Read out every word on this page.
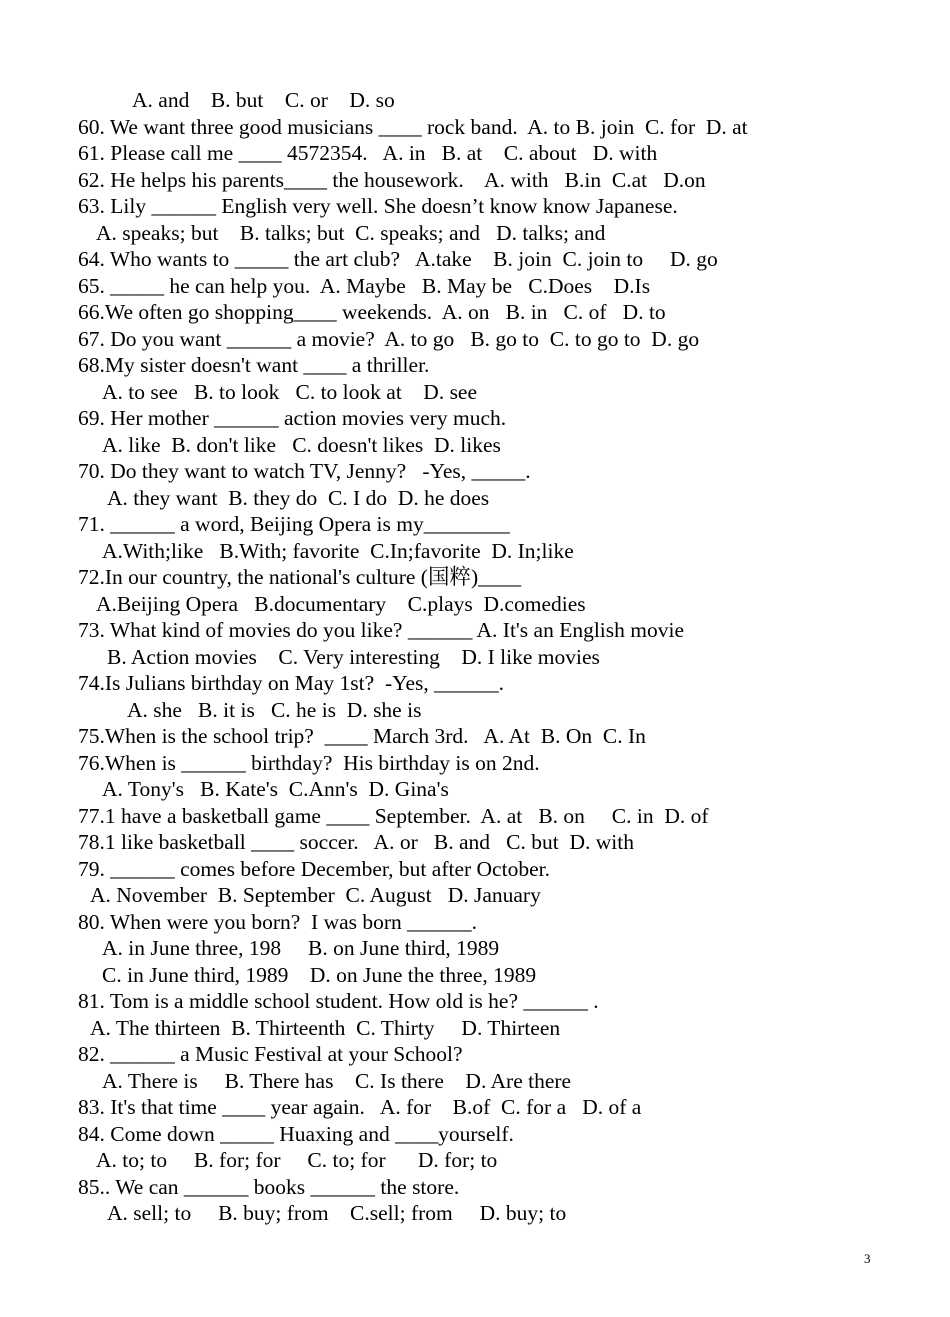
A. and    B. but    C. or    D. so
60. We want three good musicians ____ rock band.  A. to B. join  C. for  D. at
61. Please call me ____ 4572354.   A. in   B. at    C. about   D. with
62. He helps his parents____ the housework.    A. with   B.in  C.at   D.on
63. Lily ______ English very well. She doesn’t know know Japanese.
A. speaks; but    B. talks; but  C. speaks; and   D. talks; and
64. Who wants to _____ the art club?   A.take    B. join  C. join to     D. go
65. _____ he can help you.  A. Maybe   B. May be   C.Does    D.Is
66.We often go shopping____ weekends.  A. on   B. in   C. of   D. to
67. Do you want ______ a movie?  A. to go   B. go to  C. to go to  D. go
68.My sister doesn't want ____ a thriller.
A. to see   B. to look   C. to look at    D. see
69. Her mother ______ action movies very much.
A. like  B. don't like   C. doesn't likes  D. likes
70. Do they want to watch TV, Jenny?   -Yes, _____.
A. they want  B. they do  C. I do  D. he does
71. ______ a word, Beijing Opera is my________
A.With;like   B.With; favorite  C.In;favorite  D. In;like
72.In our country, the national's culture (国粹)____
A.Beijing Opera   B.documentary    C.plays  D.comedies
73. What kind of movies do you like? ______ A. It's an English movie
B. Action movies    C. Very interesting    D. I like movies
74.Is Julians birthday on May 1st?  -Yes, ______.
A. she   B. it is   C. he is  D. she is
75.When is the school trip?  ____ March 3rd.   A. At  B. On  C. In
76.When is ______ birthday?  His birthday is on 2nd.
A. Tony's   B. Kate's  C.Ann's  D. Gina's
77.1 have a basketball game ____ September.  A. at   B. on     C. in  D. of
78.1 like basketball ____ soccer.   A. or   B. and   C. but  D. with
79. ______ comes before December, but after October.
A. November  B. September  C. August   D. January
80. When were you born?  I was born ______.
A. in June three, 198     B. on June third, 1989
C. in June third, 1989    D. on June the three, 1989
81. Tom is a middle school student. How old is he? ______ .
A. The thirteen  B. Thirteenth  C. Thirty     D. Thirteen
82. ______ a Music Festival at your School?
A. There is     B. There has    C. Is there    D. Are there
83. It's that time ____ year again.   A. for    B.of  C. for a   D. of a
84. Come down _____ Huaxing and ____yourself.
A. to; to     B. for; for     C. to; for      D. for; to
85.. We can ______ books ______ the store.
A. sell; to     B. buy; from    C.sell; from     D. buy; to
3
